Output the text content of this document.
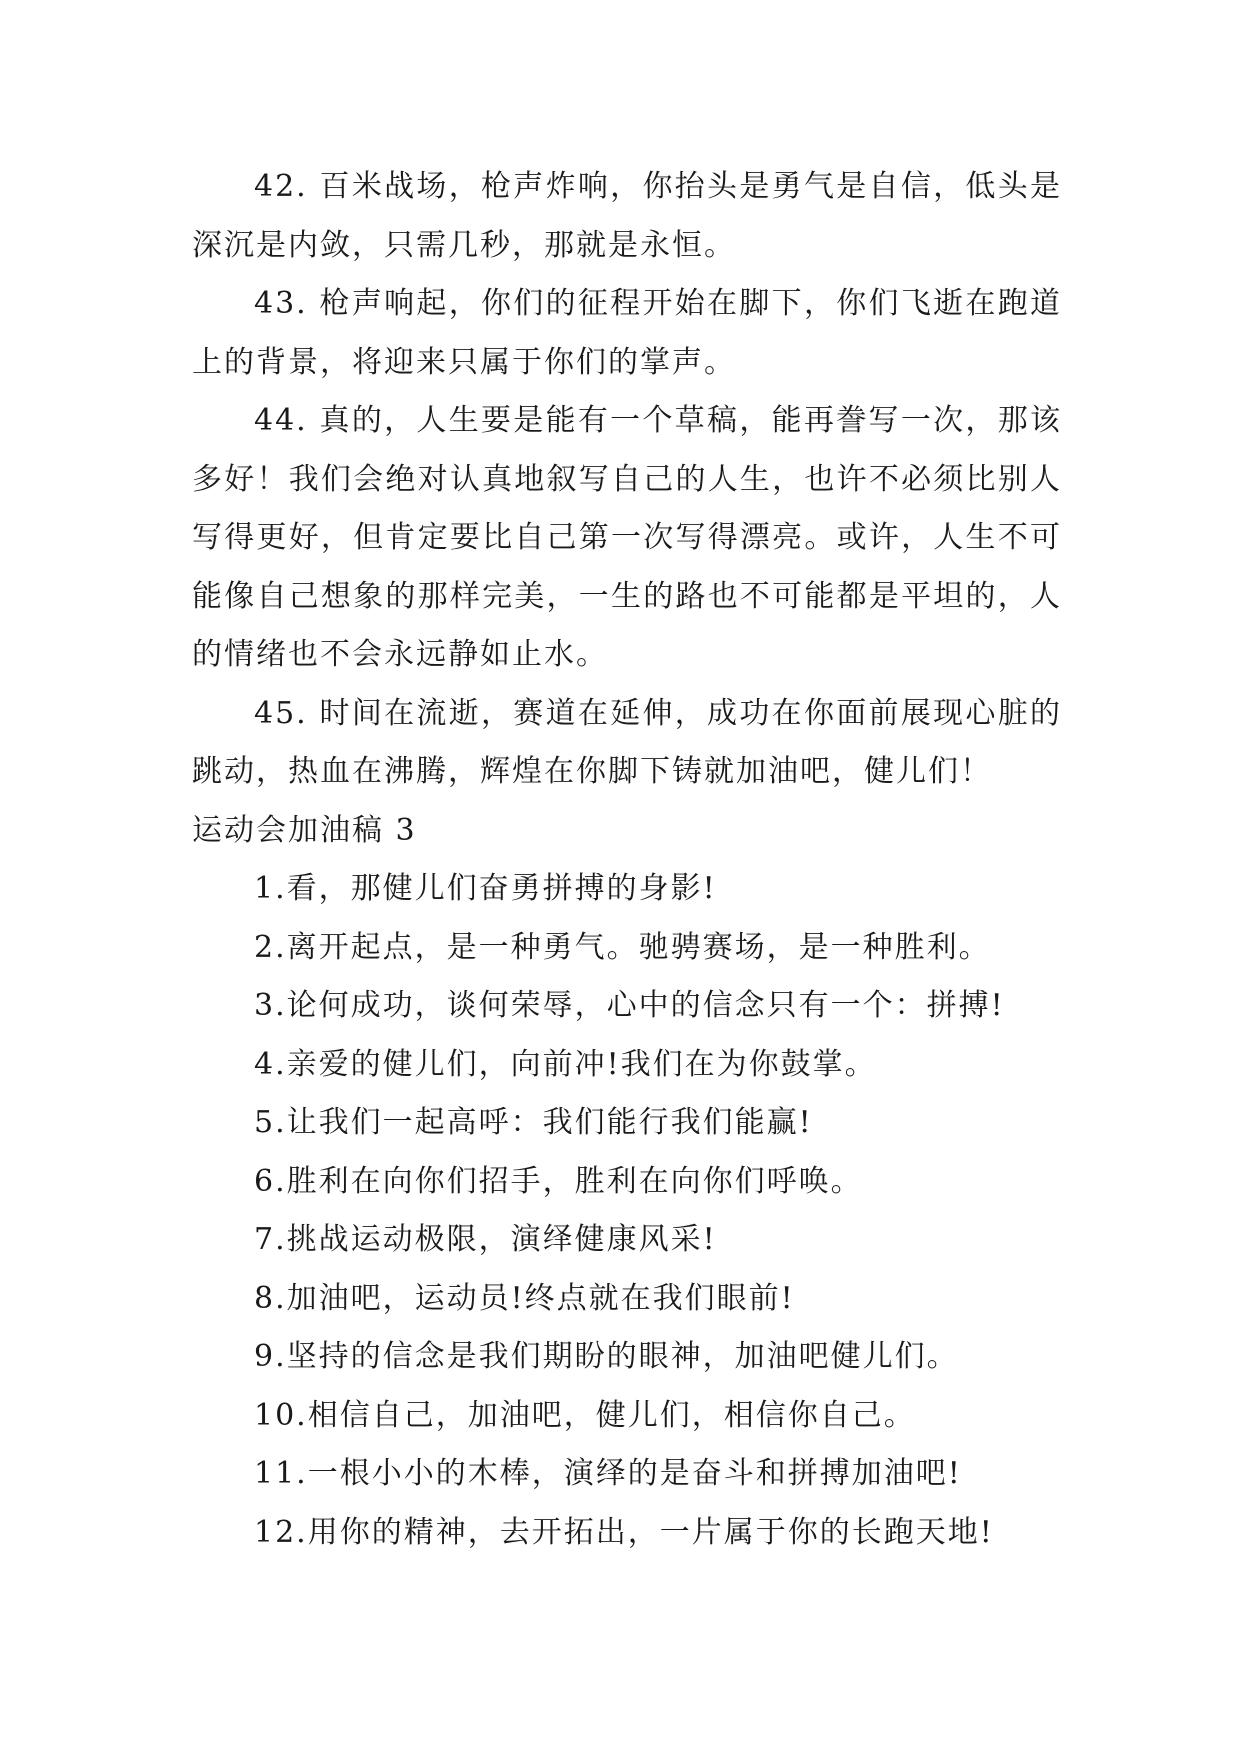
42. 百米战场，枪声炸响，你抬头是勇气是自信，低头是深沉是内敛，只需几秒，那就是永恒。

43. 枪声响起，你们的征程开始在脚下，你们飞逝在跑道上的背景，将迎来只属于你们的掌声。

44. 真的，人生要是能有一个草稿，能再誊写一次，那该多好！我们会绝对认真地叙写自己的人生，也许不必须比别人写得更好，但肯定要比自己第一次写得漂亮。或许，人生不可能像自己想象的那样完美，一生的路也不可能都是平坦的，人的情绪也不会永远静如止水。

45. 时间在流逝，赛道在延伸，成功在你面前展现心脏的跳动，热血在沸腾，辉煌在你脚下铸就加油吧，健儿们！

运动会加油稿 3

1.看，那健儿们奋勇拼搏的身影!

2.离开起点，是一种勇气。驰骋赛场，是一种胜利。

3.论何成功，谈何荣辱，心中的信念只有一个：拼搏!

4.亲爱的健儿们，向前冲!我们在为你鼓掌。

5.让我们一起高呼：我们能行我们能赢!

6.胜利在向你们招手，胜利在向你们呼唤。

7.挑战运动极限，演绎健康风采!

8.加油吧，运动员!终点就在我们眼前!

9.坚持的信念是我们期盼的眼神，加油吧健儿们。

10.相信自己，加油吧，健儿们，相信你自己。

11.一根小小的木棒，演绎的是奋斗和拼搏加油吧!

12.用你的精神，去开拓出，一片属于你的长跑天地!
